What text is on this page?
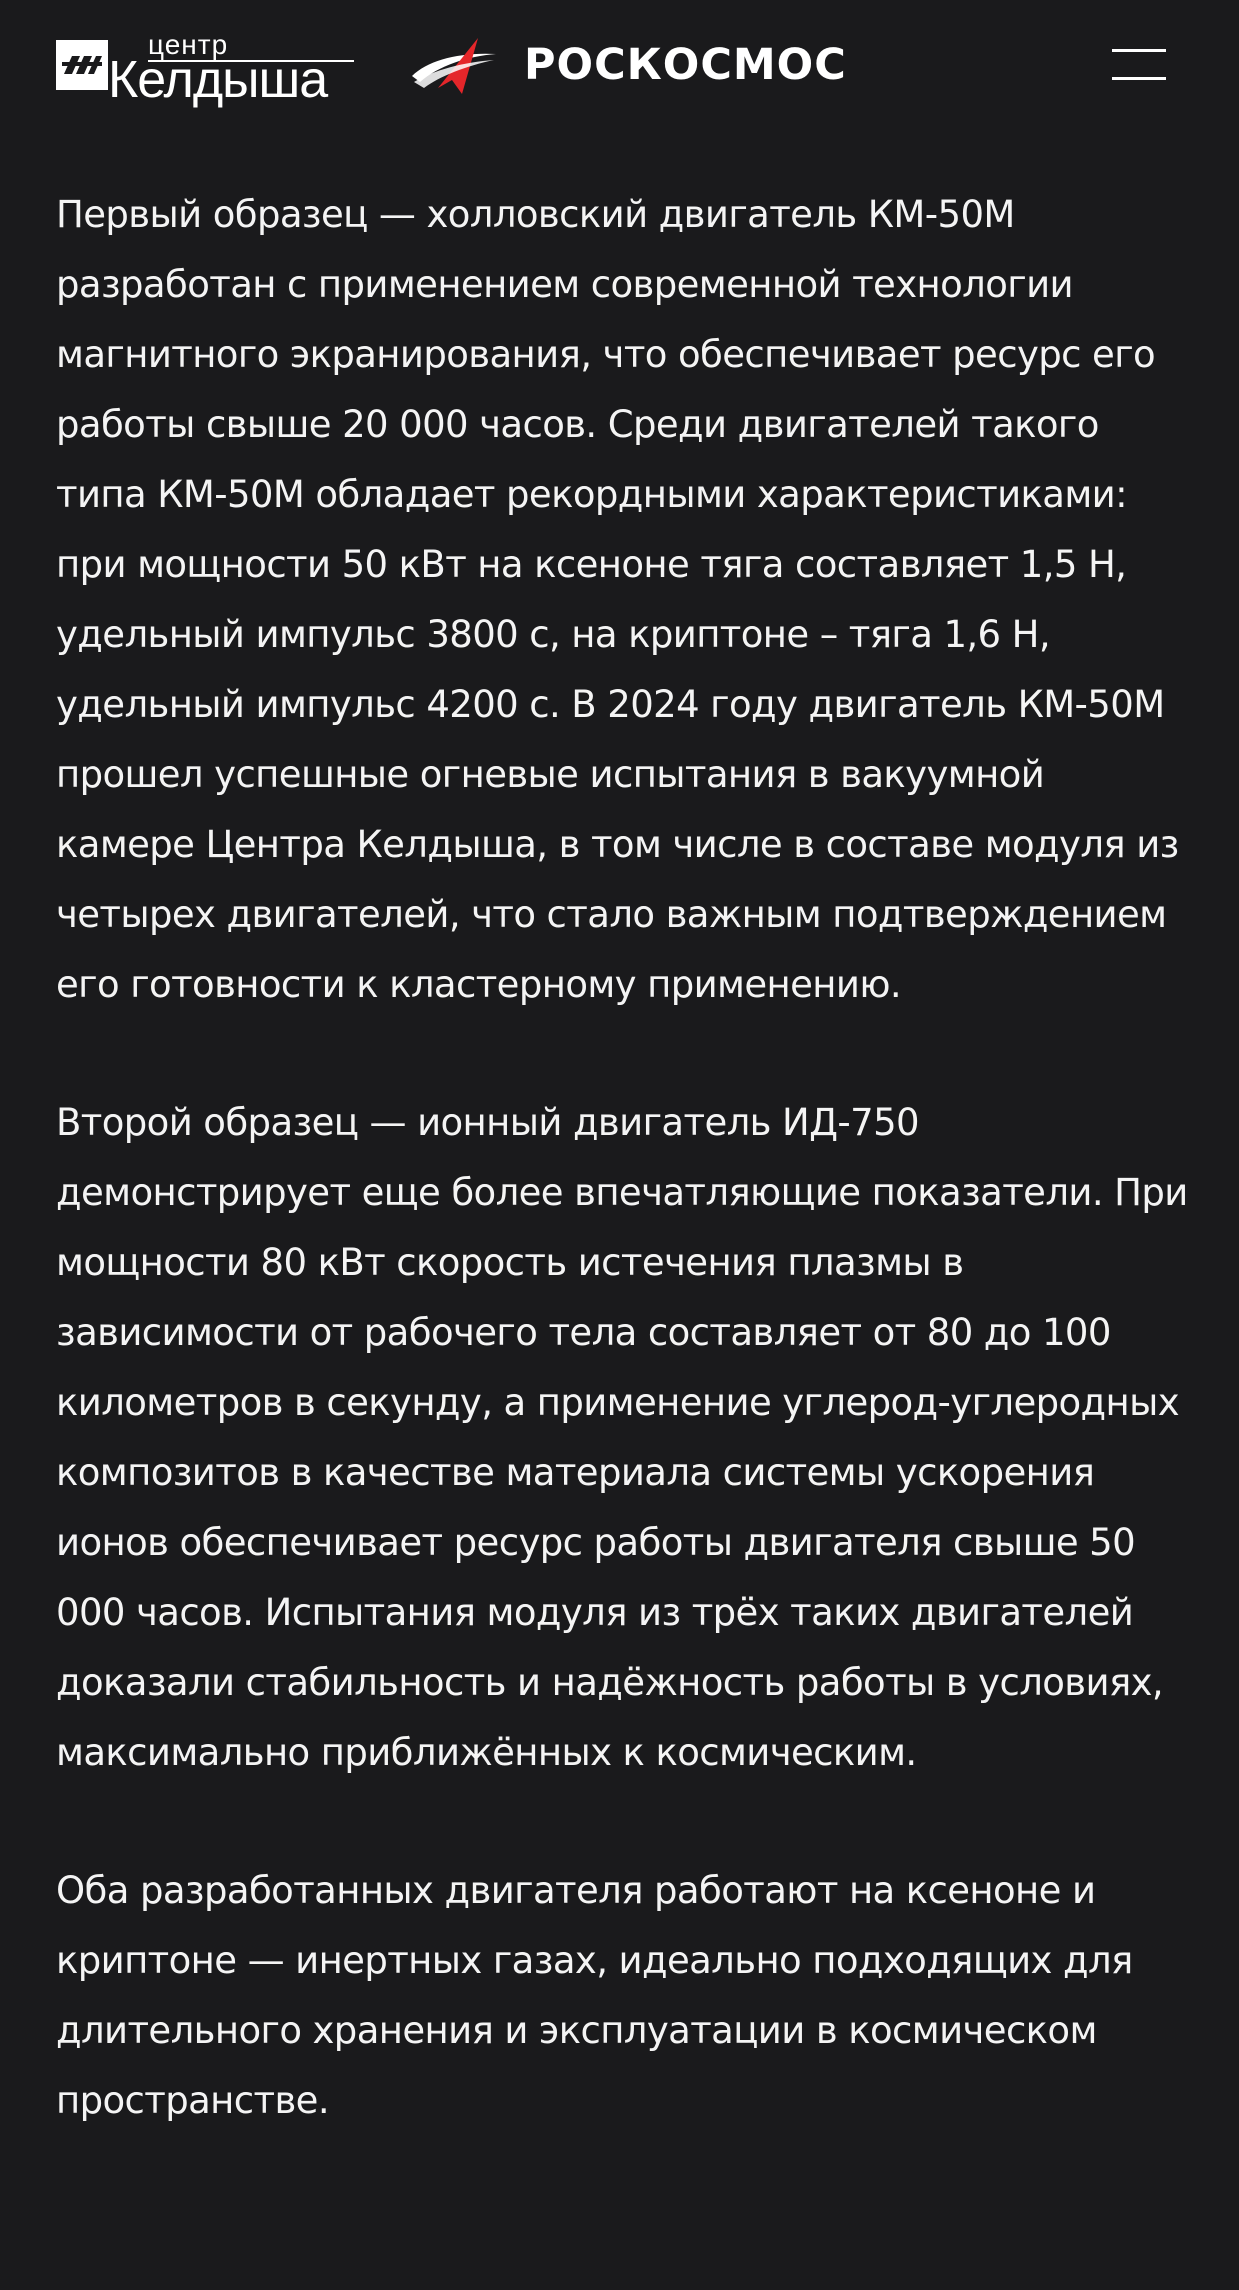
центр
Келдыша	РОСКОСМОС

Первый образец — холловский двигатель КМ-50М разработан с применением современной технологии магнитного экранирования, что обеспечивает ресурс его работы свыше 20 000 часов. Среди двигателей такого типа КМ-50М обладает рекордными характеристиками: при мощности 50 кВт на ксеноне тяга составляет 1,5 Н, удельный импульс 3800 с, на криптоне – тяга 1,6 Н, удельный импульс 4200 с. В 2024 году двигатель КМ-50М прошел успешные огневые испытания в вакуумной камере Центра Келдыша, в том числе в составе модуля из четырех двигателей, что стало важным подтверждением его готовности к кластерному применению.

Второй образец — ионный двигатель ИД-750 демонстрирует еще более впечатляющие показатели. При мощности 80 кВт скорость истечения плазмы в зависимости от рабочего тела составляет от 80 до 100 километров в секунду, а применение углерод-углеродных композитов в качестве материала системы ускорения ионов обеспечивает ресурс работы двигателя свыше 50 000 часов. Испытания модуля из трёх таких двигателей доказали стабильность и надёжность работы в условиях, максимально приближённых к космическим.

Оба разработанных двигателя работают на ксеноне и криптоне — инертных газах, идеально подходящих для длительного хранения и эксплуатации в космическом пространстве.
